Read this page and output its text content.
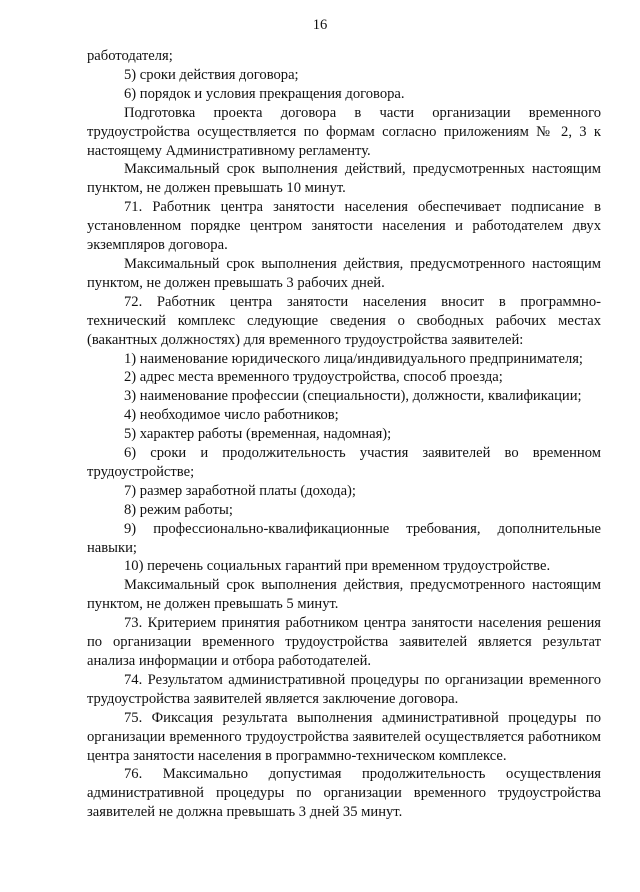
16

работодателя;

5) сроки действия договора;

6) порядок и условия прекращения договора.

Подготовка проекта договора в части организации временного трудоустройства осуществляется по формам согласно приложениям № 2, 3 к настоящему Административному регламенту.

Максимальный срок выполнения действий, предусмотренных настоящим пунктом, не должен превышать 10 минут.

71. Работник центра занятости населения обеспечивает подписание в установленном порядке центром занятости населения и работодателем двух экземпляров договора.

Максимальный срок выполнения действия, предусмотренного настоящим пунктом, не должен превышать 3 рабочих дней.

72. Работник центра занятости населения вносит в программно-технический комплекс следующие сведения о свободных рабочих местах (вакантных должностях) для временного трудоустройства заявителей:

1) наименование юридического лица/индивидуального предпринимателя;

2) адрес места временного трудоустройства, способ проезда;

3) наименование профессии (специальности), должности, квалификации;

4) необходимое число работников;

5) характер работы (временная, надомная);

6) сроки и продолжительность участия заявителей во временном трудоустройстве;

7) размер заработной платы (дохода);

8) режим работы;

9) профессионально-квалификационные требования, дополнительные навыки;

10) перечень социальных гарантий при временном трудоустройстве.

Максимальный срок выполнения действия, предусмотренного настоящим пунктом, не должен превышать 5 минут.

73. Критерием принятия работником центра занятости населения решения по организации временного трудоустройства заявителей является результат анализа информации и отбора работодателей.

74. Результатом административной процедуры по организации временного трудоустройства заявителей является заключение договора.

75. Фиксация результата выполнения административной процедуры по организации временного трудоустройства заявителей осуществляется работником центра занятости населения в программно-техническом комплексе.

76. Максимально допустимая продолжительность осуществления административной процедуры по организации временного трудоустройства заявителей не должна превышать 3 дней 35 минут.
